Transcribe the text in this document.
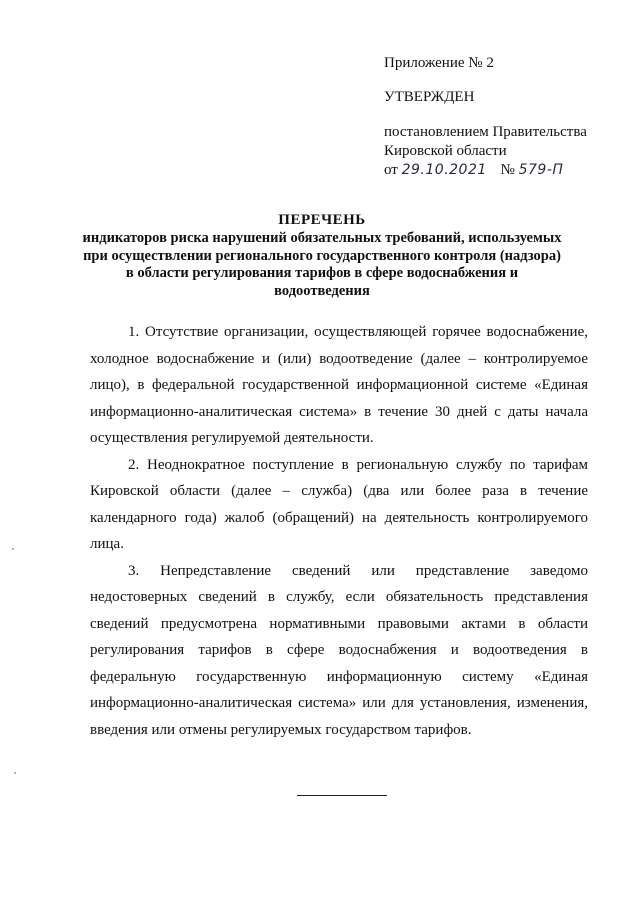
Приложение № 2
УТВЕРЖДЕН
постановлением Правительства
Кировской области
от 29.10.2021 № 579-П
ПЕРЕЧЕНЬ
индикаторов риска нарушений обязательных требований, используемых при осуществлении регионального государственного контроля (надзора) в области регулирования тарифов в сфере водоснабжения и водоотведения

1. Отсутствие организации, осуществляющей горячее водоснабжение, холодное водоснабжение и (или) водоотведение (далее – контролируемое лицо), в федеральной государственной информационной системе «Единая информационно-аналитическая система» в течение 30 дней с даты начала осуществления регулируемой деятельности.

2. Неоднократное поступление в региональную службу по тарифам Кировской области (далее – служба) (два или более раза в течение календарного года) жалоб (обращений) на деятельность контролируемого лица.

3. Непредставление сведений или представление заведомо недостоверных сведений в службу, если обязательность представления сведений предусмотрена нормативными правовыми актами в области регулирования тарифов в сфере водоснабжения и водоотведения в федеральную государственную информационную систему «Единая информационно-аналитическая система» или для установления, изменения, введения или отмены регулируемых государством тарифов.
